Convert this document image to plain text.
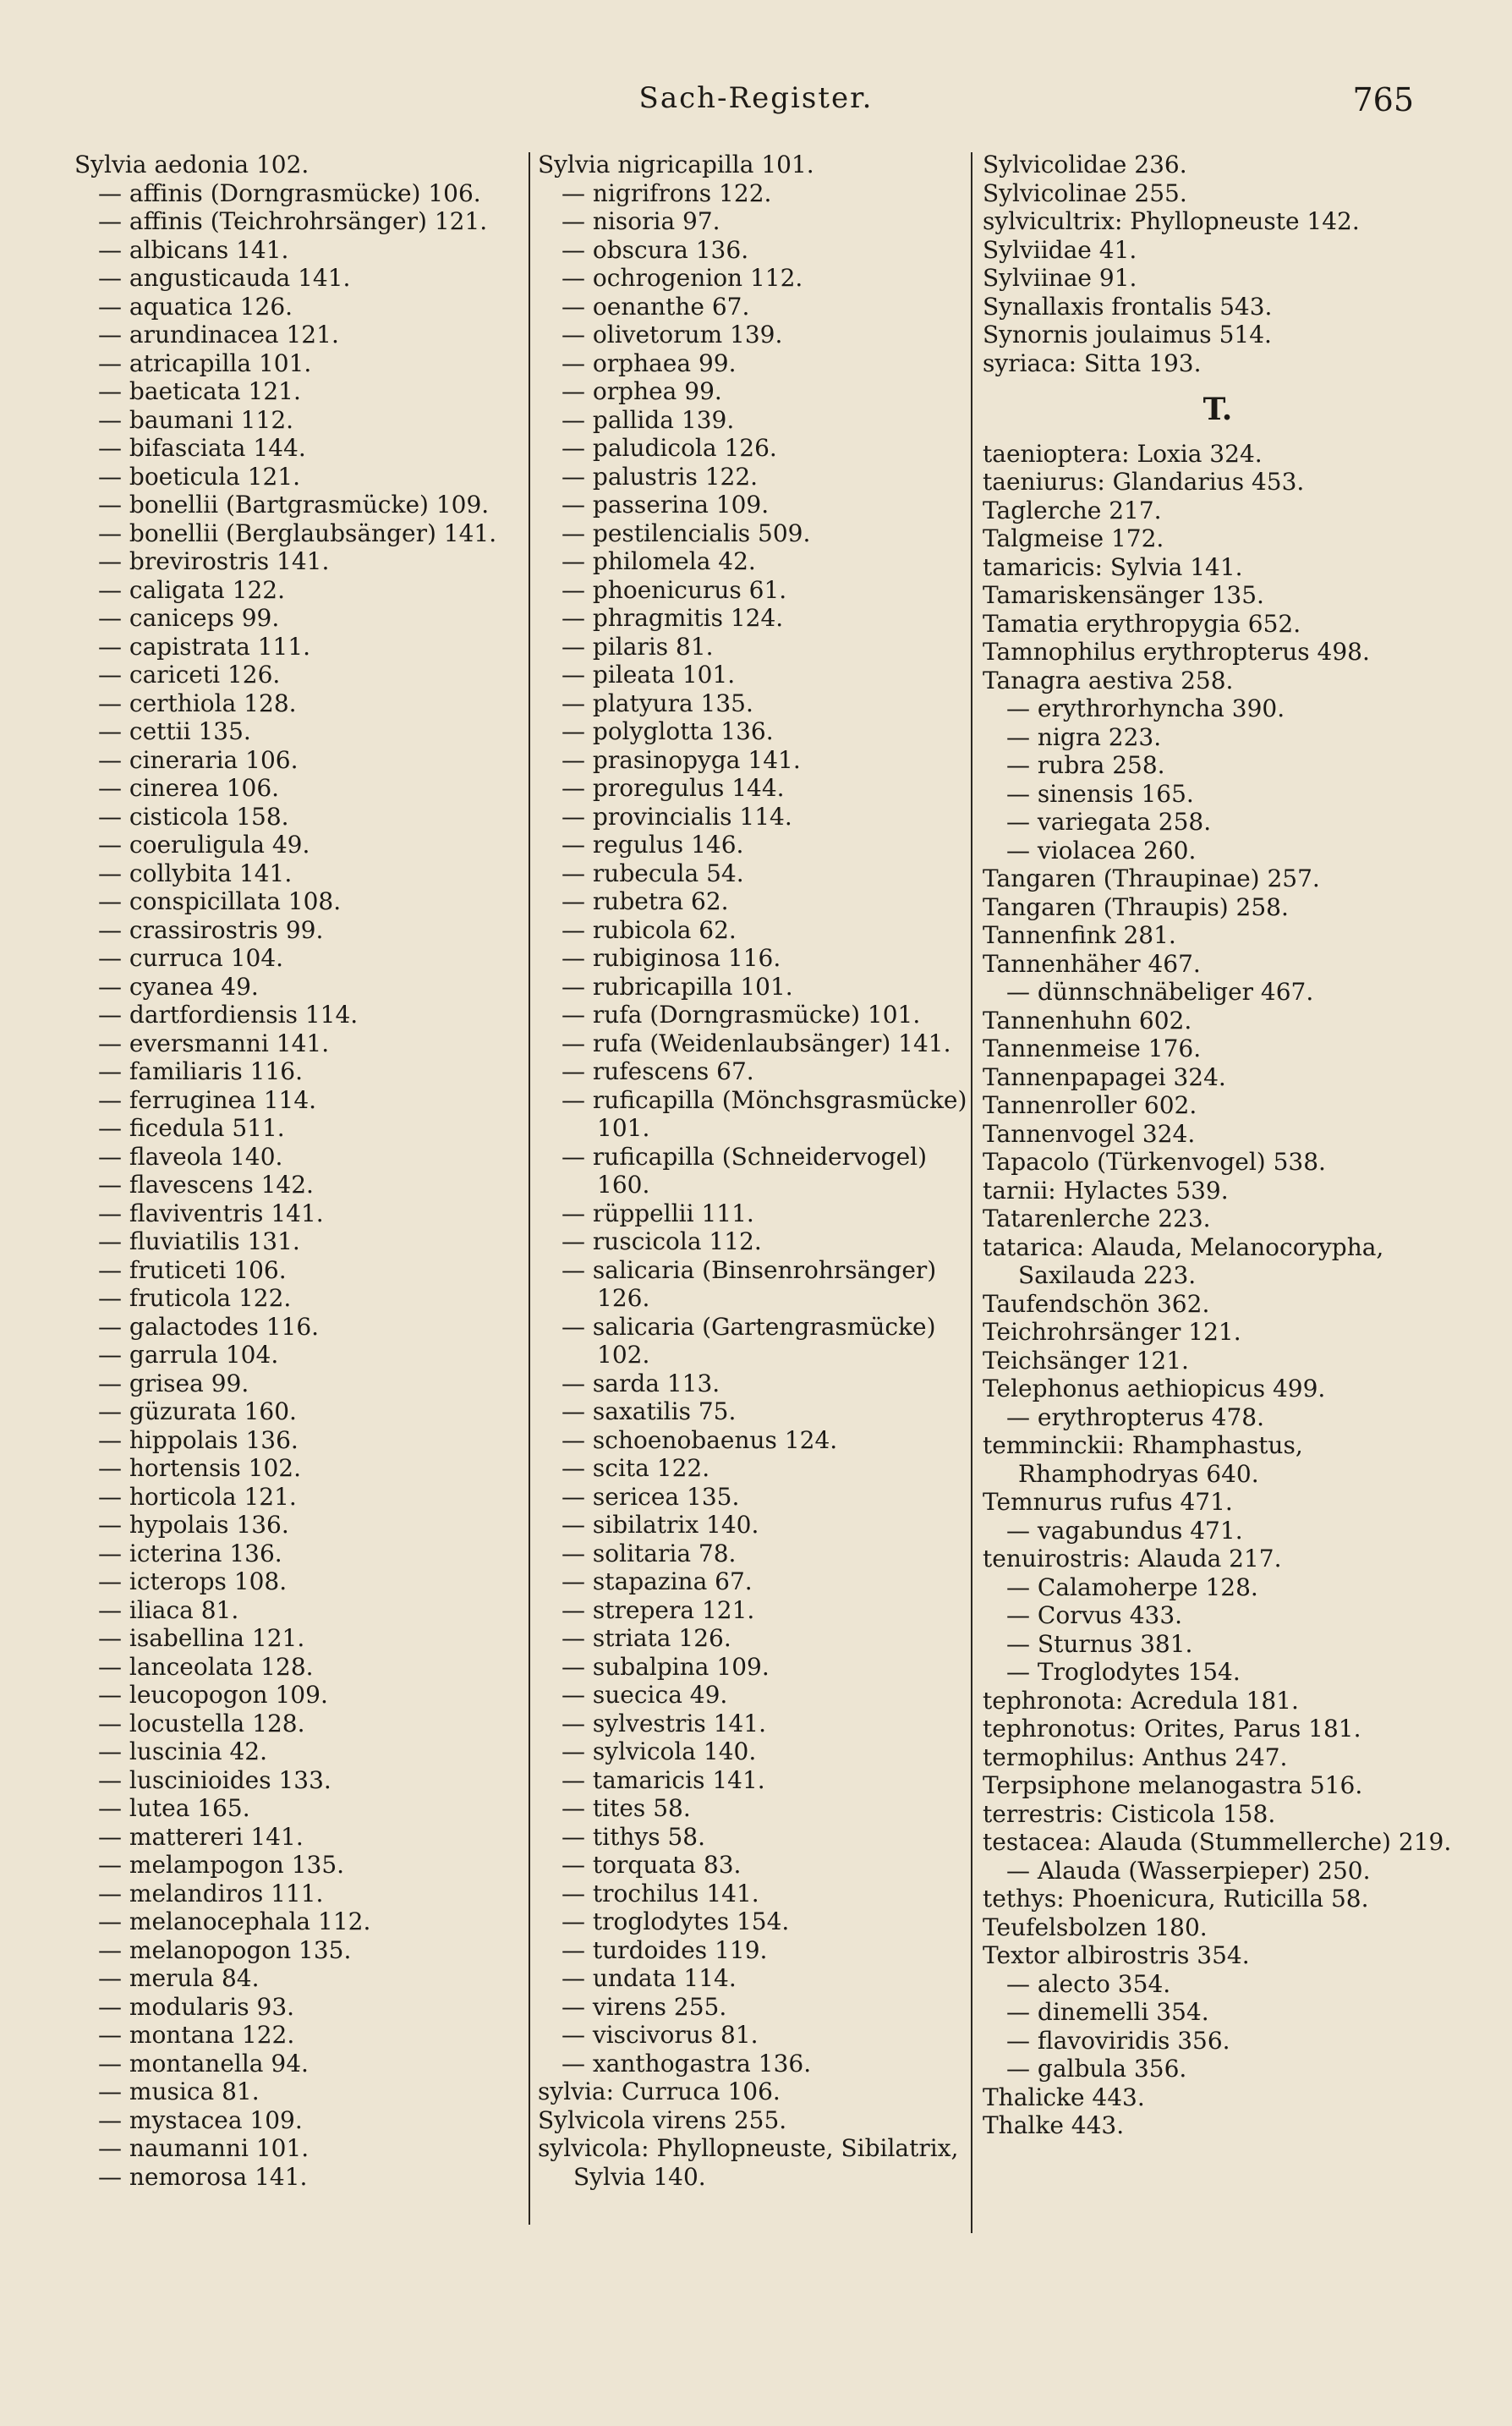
Sach-Register.	765
Sylvia aedonia 102.
— affinis (Dorngrasmücke) 106.
— affinis (Teichrohrsänger) 121.
— albicans 141.
— angusticauda 141.
— aquatica 126.
— arundinacea 121.
— atricapilla 101.
— baeticata 121.
— baumani 112.
— bifasciata 144.
— boeticula 121.
— bonellii (Bartgrasmücke) 109.
— bonellii (Berglaubsänger) 141.
— brevirostris 141.
— caligata 122.
— caniceps 99.
— capistrata 111.
— cariceti 126.
— certhiola 128.
— cettii 135.
— cineraria 106.
— cinerea 106.
— cisticola 158.
— coeruligula 49.
— collybita 141.
— conspicillata 108.
— crassirostris 99.
— curruca 104.
— cyanea 49.
— dartfordiensis 114.
— eversmanni 141.
— familiaris 116.
— ferruginea 114.
— ficedula 511.
— flaveola 140.
— flavescens 142.
— flaviventris 141.
— fluviatilis 131.
— fruticeti 106.
— fruticola 122.
— galactodes 116.
— garrula 104.
— grisea 99.
— güzurata 160.
— hippolais 136.
— hortensis 102.
— horticola 121.
— hypolais 136.
— icterina 136.
— icterops 108.
— iliaca 81.
— isabellina 121.
— lanceolata 128.
— leucopogon 109.
— locustella 128.
— luscinia 42.
— luscinioides 133.
— lutea 165.
— mattereri 141.
— melampogon 135.
— melandiros 111.
— melanocephala 112.
— melanopogon 135.
— merula 84.
— modularis 93.
— montana 122.
— montanella 94.
— musica 81.
— mystacea 109.
— naumanni 101.
— nemorosa 141.
Sylvia nigricapilla 101.
— nigrifrons 122.
— nisoria 97.
— obscura 136.
— ochrogenion 112.
— oenanthe 67.
— olivetorum 139.
— orphaea 99.
— orphea 99.
— pallida 139.
— paludicola 126.
— palustris 122.
— passerina 109.
— pestilencialis 509.
— philomela 42.
— phoenicurus 61.
— phragmitis 124.
— pilaris 81.
— pileata 101.
— platyura 135.
— polyglotta 136.
— prasinopyga 141.
— proregulus 144.
— provincialis 114.
— regulus 146.
— rubecula 54.
— rubetra 62.
— rubicola 62.
— rubiginosa 116.
— rubricapilla 101.
— rufa (Dorngrasmücke) 101.
— rufa (Weidenlaubsänger) 141.
— rufescens 67.
— ruficapilla (Mönchsgrasmücke) 101.
— ruficapilla (Schneidervogel) 160.
— rüppellii 111.
— ruscicola 112.
— salicaria (Binsenrohrsänger) 126.
— salicaria (Gartengrasmücke) 102.
— sarda 113.
— saxatilis 75.
— schoenobaenus 124.
— scita 122.
— sericea 135.
— sibilatrix 140.
— solitaria 78.
— stapazina 67.
— strepera 121.
— striata 126.
— subalpina 109.
— suecica 49.
— sylvestris 141.
— sylvicola 140.
— tamaricis 141.
— tites 58.
— tithys 58.
— torquata 83.
— trochilus 141.
— troglodytes 154.
— turdoides 119.
— undata 114.
— virens 255.
— viscivorus 81.
— xanthogastra 136.
sylvia: Curruca 106.
Sylvicola virens 255.
sylvicola: Phyllopneuste, Sibilatrix, Sylvia 140.
Sylvicolidae 236.
Sylvicolinae 255.
sylvicultrix: Phyllopneuste 142.
Sylviidae 41.
Sylviinae 91.
Synallaxis frontalis 543.
Synornis joulaimus 514.
syriaca: Sitta 193.
T.
taeniopterа: Loxia 324.
taeniurus: Glandarius 453.
Taglerche 217.
Talgmeise 172.
tamaricis: Sylvia 141.
Tamariskensänger 135.
Tamatia erythropygia 652.
Tamnophilus erythropterus 498.
Tanagra aestiva 258.
— erythrorhyncha 390.
— nigra 223.
— rubra 258.
— sinensis 165.
— variegata 258.
— violacea 260.
Tangaren (Thraupinae) 257.
Tangaren (Thraupis) 258.
Tannenfink 281.
Tannenhäher 467.
— dünnschnäbeliger 467.
Tannenhuhn 602.
Tannenmeise 176.
Tannenpapagei 324.
Tannenroller 602.
Tannenvogel 324.
Tapacolo (Türkenvogel) 538.
tarnii: Hylactes 539.
Tatarenlerche 223.
tatarica: Alauda, Melanocorypha, Saxilauda 223.
Taufendschön 362.
Teichrohrsänger 121.
Teichsänger 121.
Telephonus aethiopicus 499.
— erythropterus 478.
temminckii: Rhamphastus, Rhamphodryas 640.
Temnurus rufus 471.
— vagabundus 471.
tenuirostris: Alauda 217.
— Calamoherpe 128.
— Corvus 433.
— Sturnus 381.
— Troglodytes 154.
tephronota: Acredula 181.
tephronotus: Orites, Parus 181.
termophilus: Anthus 247.
Terpsiphone melanogastra 516.
terrestris: Cisticola 158.
testacea: Alauda (Stummellerche) 219.
— Alauda (Wasserpieper) 250.
tethys: Phoenicura, Ruticilla 58.
Teufelsbolzen 180.
Textor albirostris 354.
— alecto 354.
— dinemelli 354.
— flavoviridis 356.
— galbula 356.
Thalicke 443.
Thalke 443.
